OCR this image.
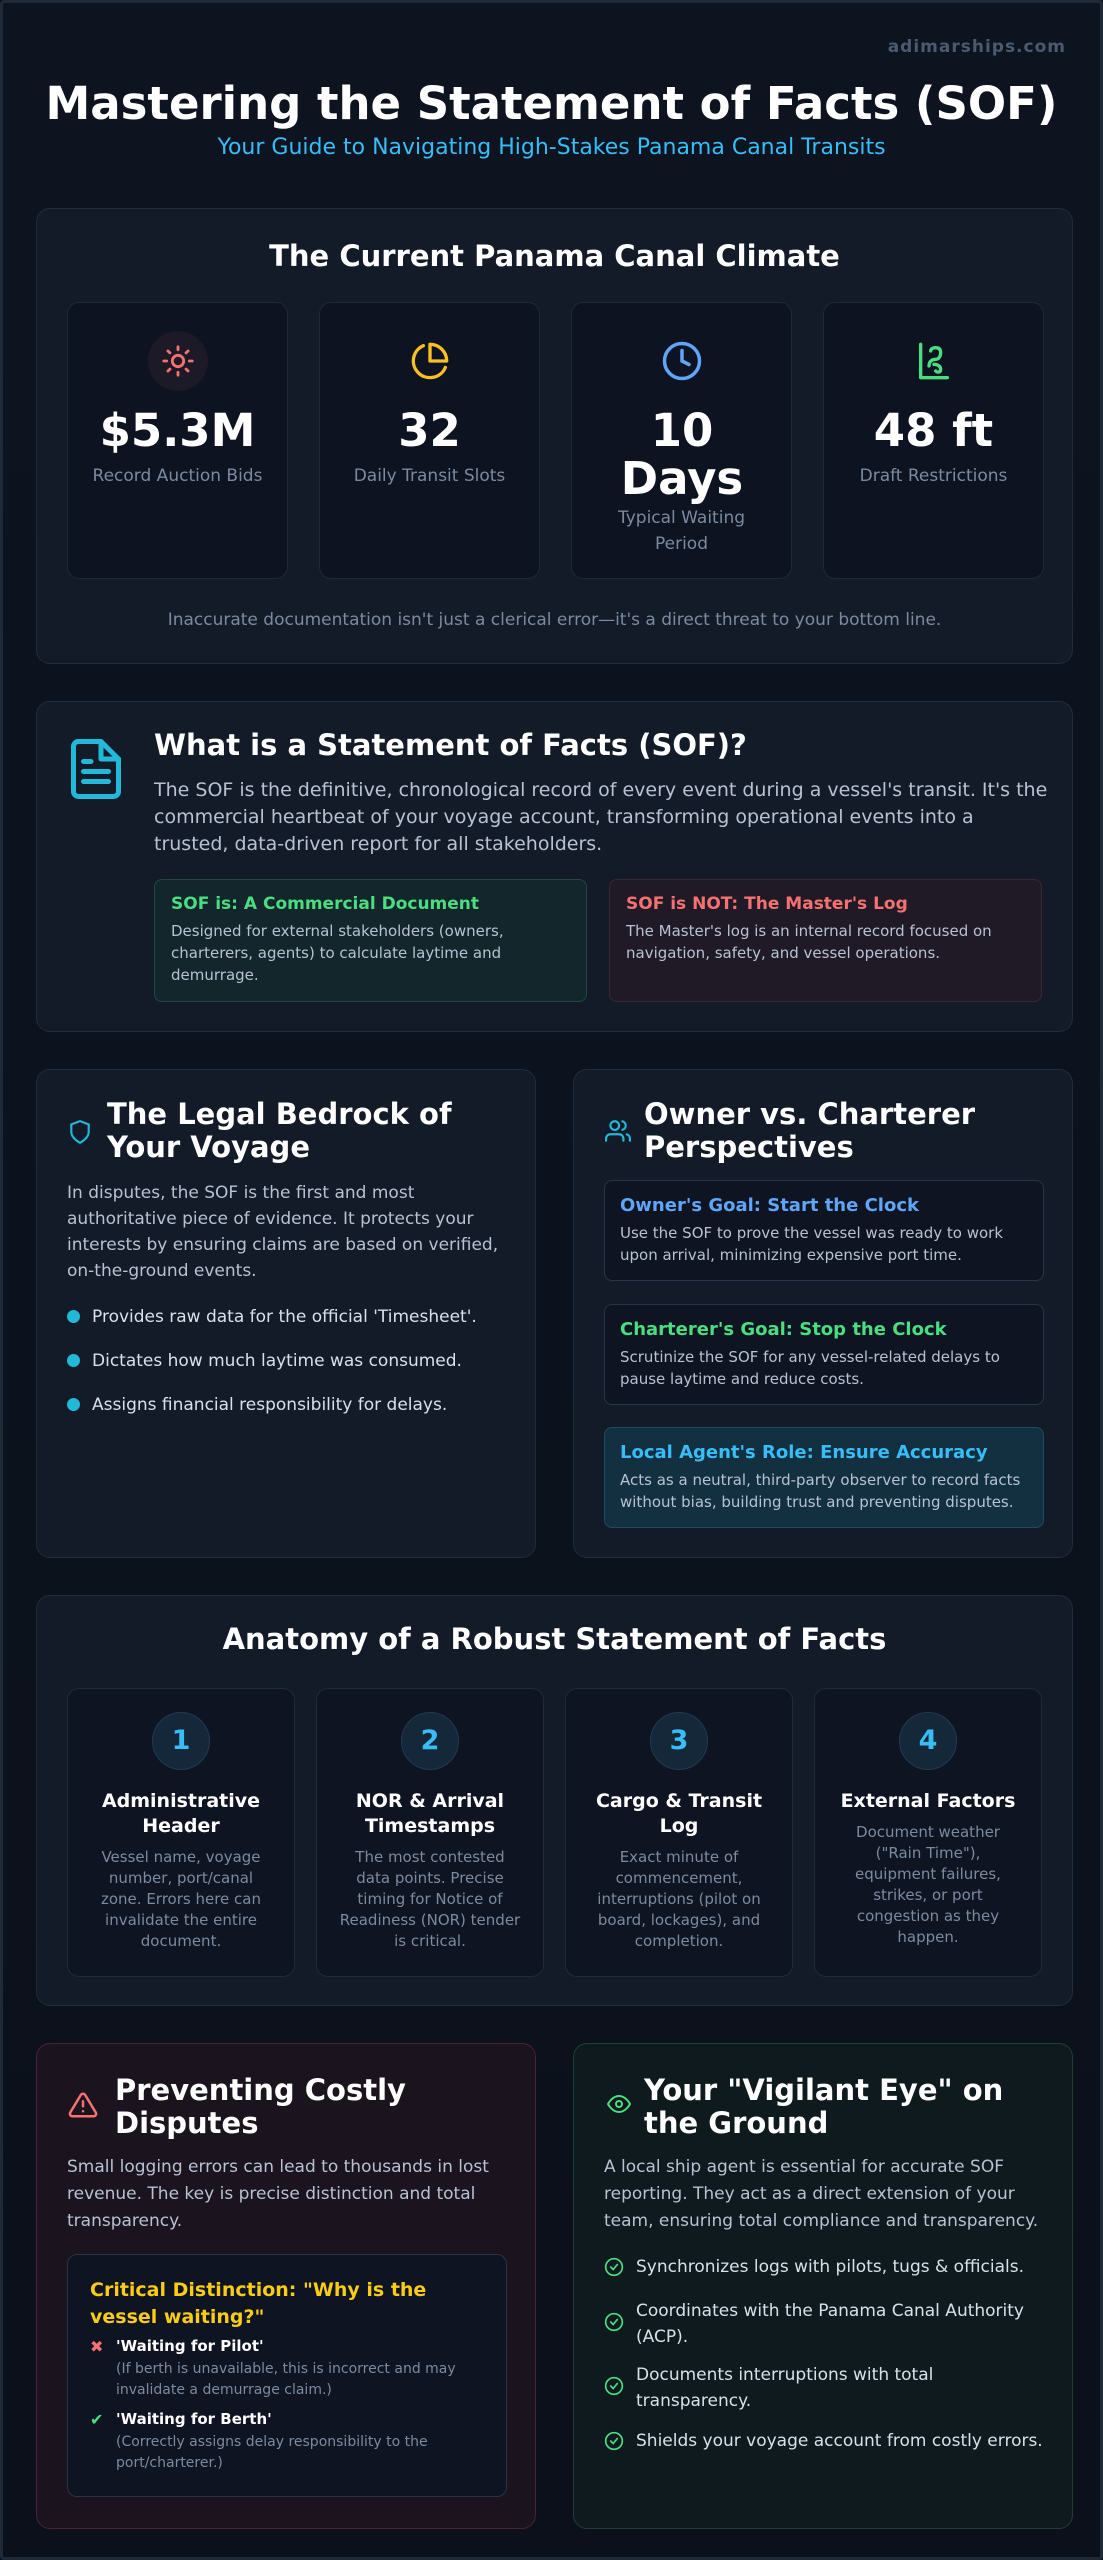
adimarships.com
Mastering the Statement of Facts (SOF)
Your Guide to Navigating High-Stakes Panama Canal Transits
The Current Panama Canal Climate
$5.3M
Record Auction Bids
32
Daily Transit Slots
10 Days
Typical Waiting Period
48 ft
Draft Restrictions
Inaccurate documentation isn't just a clerical error—it's a direct threat to your bottom line.
What is a Statement of Facts (SOF)?
The SOF is the definitive, chronological record of every event during a vessel's transit. It's the commercial heartbeat of your voyage account, transforming operational events into a trusted, data-driven report for all stakeholders.
SOF is: A Commercial Document
Designed for external stakeholders (owners, charterers, agents) to calculate laytime and demurrage.
SOF is NOT: The Master's Log
The Master's log is an internal record focused on navigation, safety, and vessel operations.
The Legal Bedrock of Your Voyage
In disputes, the SOF is the first and most authoritative piece of evidence. It protects your interests by ensuring claims are based on verified, on-the-ground events.
Provides raw data for the official 'Timesheet'.
Dictates how much laytime was consumed.
Assigns financial responsibility for delays.
Owner vs. Charterer Perspectives
Owner's Goal: Start the Clock
Use the SOF to prove the vessel was ready to work upon arrival, minimizing expensive port time.
Charterer's Goal: Stop the Clock
Scrutinize the SOF for any vessel-related delays to pause laytime and reduce costs.
Local Agent's Role: Ensure Accuracy
Acts as a neutral, third-party observer to record facts without bias, building trust and preventing disputes.
Anatomy of a Robust Statement of Facts
1
Administrative Header
Vessel name, voyage number, port/canal zone. Errors here can invalidate the entire document.
2
NOR & Arrival Timestamps
The most contested data points. Precise timing for Notice of Readiness (NOR) tender is critical.
3
Cargo & Transit Log
Exact minute of commencement, interruptions (pilot on board, lockages), and completion.
4
External Factors
Document weather ("Rain Time"), equipment failures, strikes, or port congestion as they happen.
Preventing Costly Disputes
Small logging errors can lead to thousands in lost revenue. The key is precise distinction and total transparency.
Critical Distinction: "Why is the vessel waiting?"
✖ 'Waiting for Pilot'
(If berth is unavailable, this is incorrect and may invalidate a demurrage claim.)
✔ 'Waiting for Berth'
(Correctly assigns delay responsibility to the port/charterer.)
Your "Vigilant Eye" on the Ground
A local ship agent is essential for accurate SOF reporting. They act as a direct extension of your team, ensuring total compliance and transparency.
Synchronizes logs with pilots, tugs & officials.
Coordinates with the Panama Canal Authority (ACP).
Documents interruptions with total transparency.
Shields your voyage account from costly errors.
